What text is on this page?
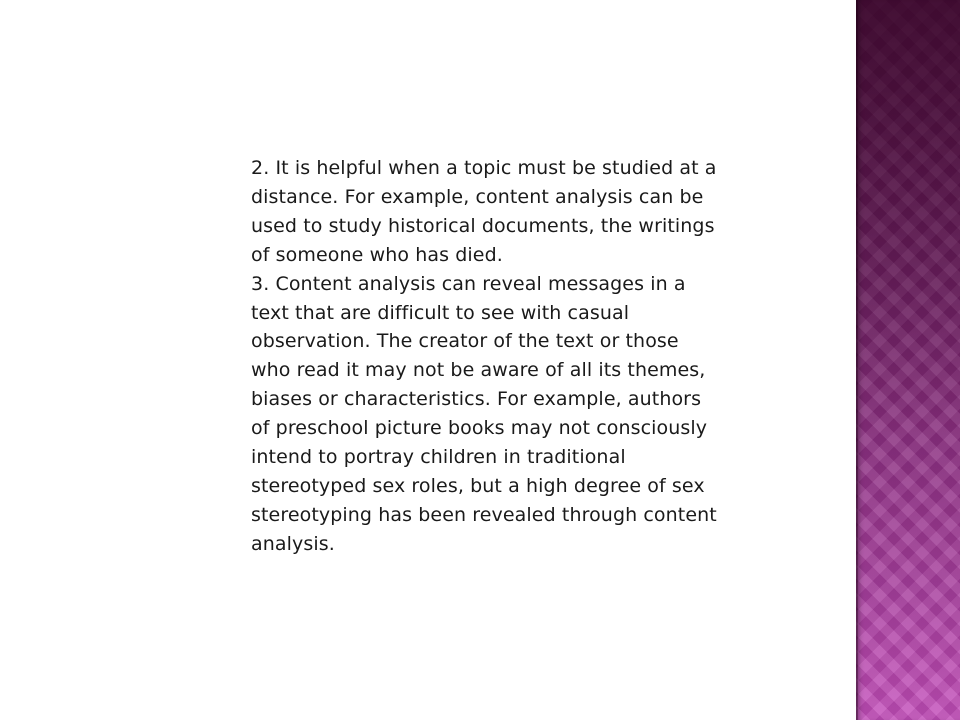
2. It is helpful when a topic must be studied at a distance. For example, content analysis can be used to study historical documents, the writings of someone who has died.

3. Content analysis can reveal messages in a text that are difficult to see with casual observation. The creator of the text or those who read it may not be aware of all its themes, biases or characteristics. For example, authors of preschool picture books may not consciously intend to portray children in traditional stereotyped sex roles, but a high degree of sex stereotyping has been revealed through content analysis.
